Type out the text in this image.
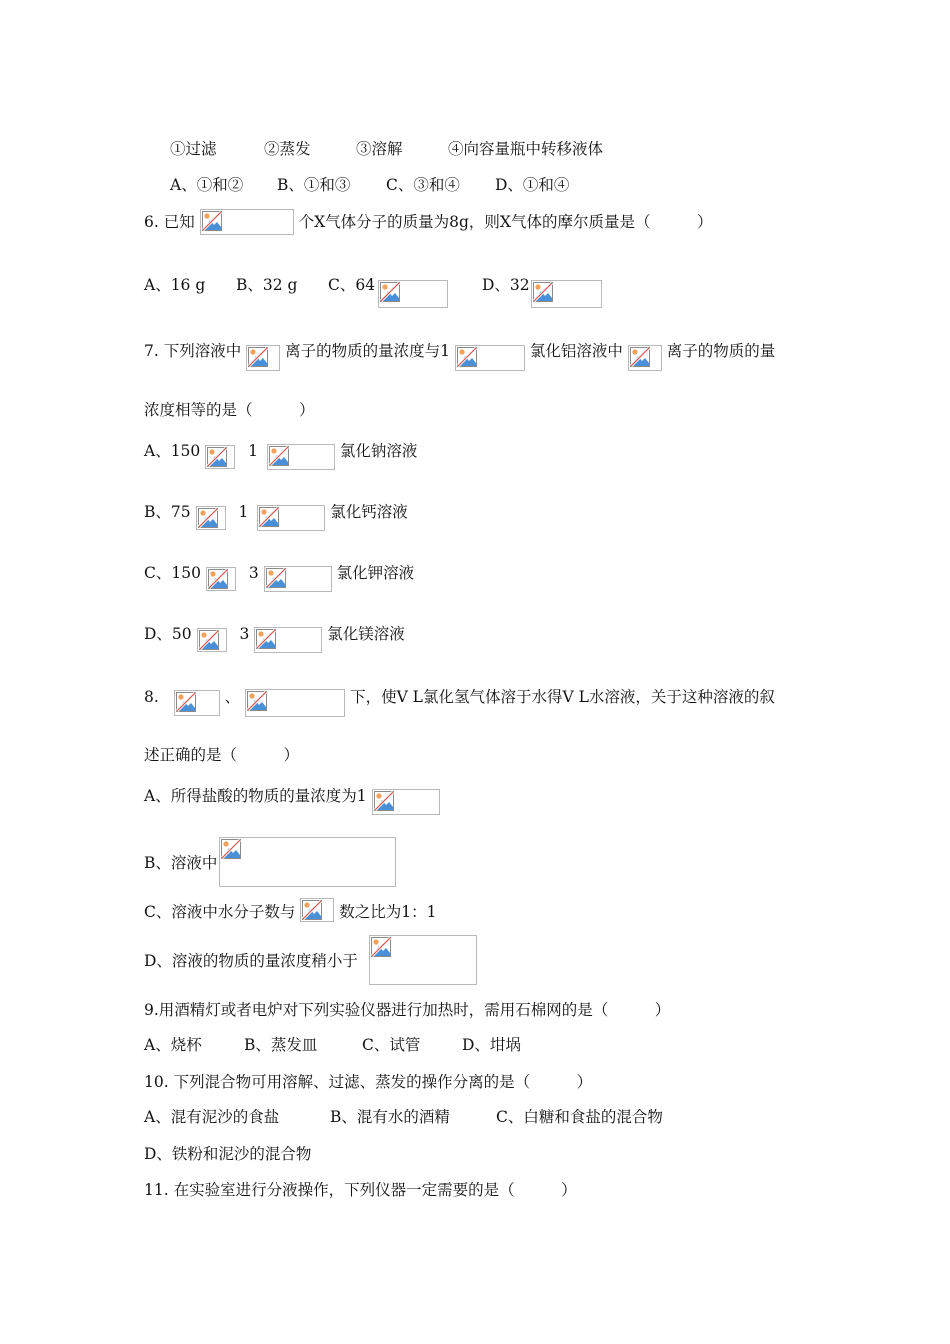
①过滤	②蒸发	③溶解	④向容量瓶中转移液体
A、①和② B、①和③ C、③和④ D、①和④
6. 已知	个X气体分子的质量为8g，则X气体的摩尔质量是（　　　）
A、16 g B、32 g C、64	D、32
7. 下列溶液中	离子的物质的量浓度与1	氯化铝溶液中	离子的物质的量
浓度相等的是（　　　）
A、150	1	氯化钠溶液
B、75	1	氯化钙溶液
C、150	3	氯化钾溶液
D、50	3	氯化镁溶液
8.	、	下，使V L氯化氢气体溶于水得V L水溶液，关于这种溶液的叙
述正确的是（　　　）
A、所得盐酸的物质的量浓度为1
B、溶液中
C、溶液中水分子数与	数之比为1：1
D、溶液的物质的量浓度稍小于
9.用酒精灯或者电炉对下列实验仪器进行加热时，需用石棉网的是（　　　）
A、烧杯	B、蒸发皿	C、试管	D、坩埚
10. 下列混合物可用溶解、过滤、蒸发的操作分离的是（　　　）
A、混有泥沙的食盐	B、混有水的酒精	C、白糖和食盐的混合物
D、铁粉和泥沙的混合物
11. 在实验室进行分液操作，下列仪器一定需要的是（　　　）
